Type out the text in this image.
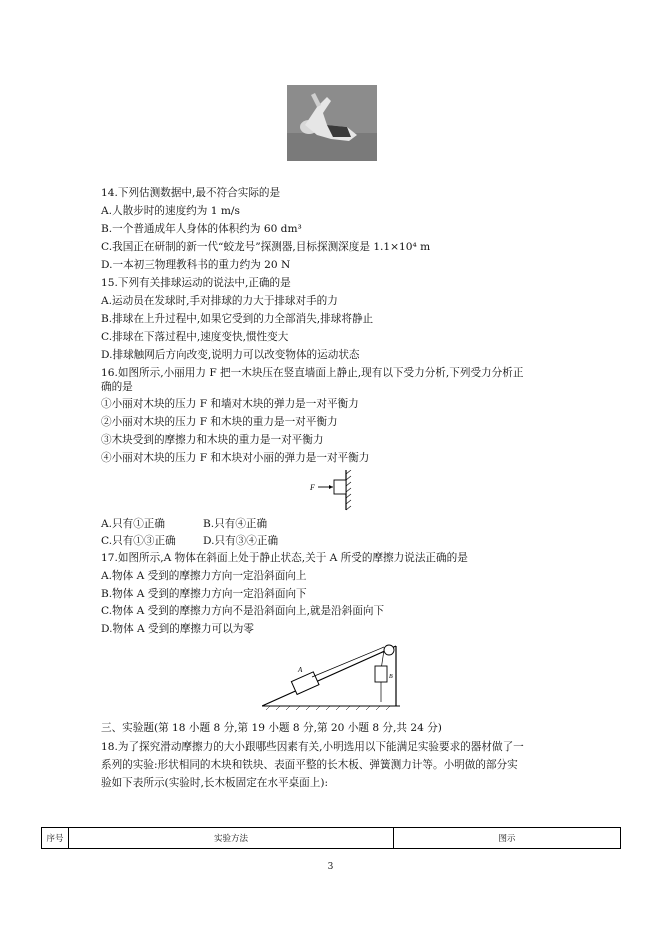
14.下列估测数据中,最不符合实际的是
A.人散步时的速度约为 1 m/s
B.一个普通成年人身体的体积约为 60 dm³
C.我国正在研制的新一代“蛟龙号”探测器,目标探测深度是 1.1×10⁴ m
D.一本初三物理教科书的重力约为 20 N
15.下列有关排球运动的说法中,正确的是
A.运动员在发球时,手对排球的力大于排球对手的力
B.排球在上升过程中,如果它受到的力全部消失,排球将静止
C.排球在下落过程中,速度变快,惯性变大
D.排球触网后方向改变,说明力可以改变物体的运动状态
16.如图所示,小丽用力 F 把一木块压在竖直墙面上静止,现有以下受力分析,下列受力分析正
确的是
①小丽对木块的压力 F 和墙对木块的弹力是一对平衡力
②小丽对木块的压力 F 和木块的重力是一对平衡力
③木块受到的摩擦力和木块的重力是一对平衡力
④小丽对木块的压力 F 和木块对小丽的弹力是一对平衡力
F
A.只有①正确	B.只有④正确
C.只有①③正确	D.只有③④正确
17.如图所示,A 物体在斜面上处于静止状态,关于 A 所受的摩擦力说法正确的是
A.物体 A 受到的摩擦力方向一定沿斜面向上
B.物体 A 受到的摩擦力方向一定沿斜面向下
C.物体 A 受到的摩擦力方向不是沿斜面向上,就是沿斜面向下
D.物体 A 受到的摩擦力可以为零
A
B
三、实验题(第 18 小题 8 分,第 19 小题 8 分,第 20 小题 8 分,共 24 分)
18.为了探究滑动摩擦力的大小跟哪些因素有关,小明选用以下能满足实验要求的器材做了一
系列的实验:形状相同的木块和铁块、表面平整的长木板、弹簧测力计等。小明做的部分实
验如下表所示(实验时,长木板固定在水平桌面上):
序号	实验方法	图示
3
